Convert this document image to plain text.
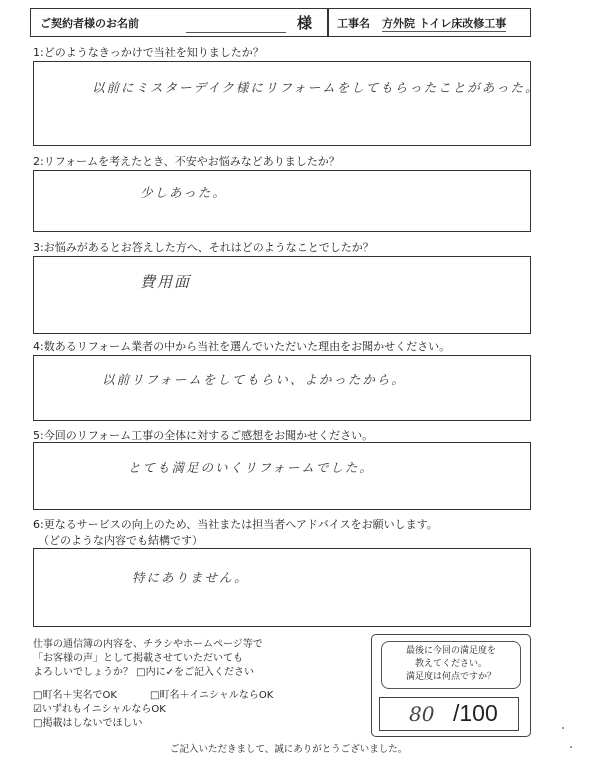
ご契約者様のお名前	様 工事名 方外院 トイレ床改修工事
1:どのようなきっかけで当社を知りましたか？
以前にミスターデイク様にリフォームをしてもらったことがあった。
2:リフォームを考えたとき、不安やお悩みなどありましたか？
少しあった。
3:お悩みがあるとお答えした方へ、それはどのようなことでしたか？
費用面
4:数あるリフォーム業者の中から当社を選んでいただいた理由をお聞かせください。
以前リフォームをしてもらい、よかったから。
5:今回のリフォーム工事の全体に対するご感想をお聞かせください。
とても満足のいくリフォームでした。
6:更なるサービスの向上のため、当社または担当者へアドバイスをお願いします。
（どのような内容でも結構です）
特にありません。
仕事の通信簿の内容を、チラシやホームページ等で
「お客様の声」として掲載させていただいても
よろしいでしょうか？ □内に✓をご記入ください
□町名＋実名でOK	□町名＋イニシャルならOK
☑いずれもイニシャルならOK
□掲載はしないでほしい
最後に今回の満足度を
教えてください。
満足度は何点ですか？
80 /100
ご記入いただきまして、誠にありがとうございました。
